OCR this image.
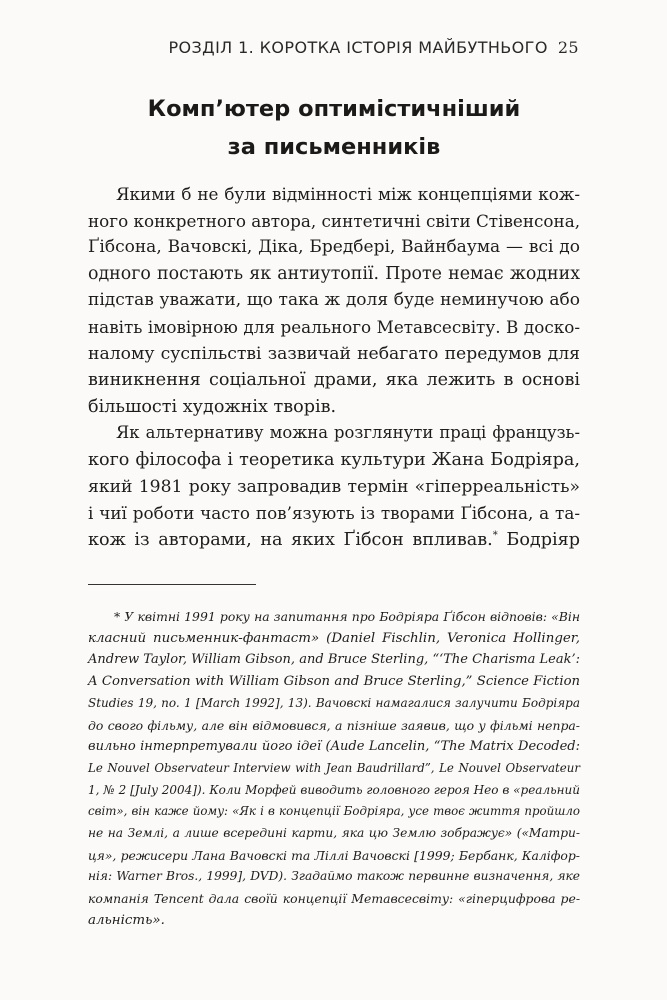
РОЗДІЛ 1. КОРОТКА ІСТОРІЯ МАЙБУТНЬОГО 25
Комп’ютер оптимістичніший
за письменників
Якими б не були відмінності між концепціями кож-
ного конкретного автора, синтетичні світи Стівенсона,
Ґібсона, Вачовскі, Діка, Бредбері, Вайнбаума — всі до
одного постають як антиутопії. Проте немає жодних
підстав уважати, що така ж доля буде неминучою або
навіть імовірною для реального Метавсесвіту. В доско-
налому суспільстві зазвичай небагато передумов для
виникнення соціальної драми, яка лежить в основі
більшості художніх творів.
Як альтернативу можна розглянути праці французь-
кого філософа і теоретика культури Жана Бодріяра,
який 1981 року запровадив термін «гіперреальність»
і чиї роботи часто пов’язують із творами Ґібсона, а та-
кож із авторами, на яких Ґібсон впливав.* Бодріяр
* У квітні 1991 року на запитання про Бодріяра Ґібсон відповів: «Він
класний письменник-фантаст» (Daniel Fischlin, Veronica Hollinger,
Andrew Taylor, William Gibson, and Bruce Sterling, “‘The Charisma Leak’:
A Conversation with William Gibson and Bruce Sterling,” Science Fiction
Studies 19, no. 1 [March 1992], 13). Вачовскі намагалися залучити Бодріяра
до свого фільму, але він відмовився, а пізніше заявив, що у фільмі непра-
вильно інтерпретували його ідеї (Aude Lancelin, “The Matrix Decoded:
Le Nouvel Observateur Interview with Jean Baudrillard”, Le Nouvel Observateur
1, № 2 [July 2004]). Коли Морфей виводить головного героя Нео в «реальний
світ», він каже йому: «Як і в концепції Бодріяра, усе твоє життя пройшло
не на Землі, а лише всередині карти, яка цю Землю зображує» («Матри-
ця», режисери Лана Вачовскі та Ліллі Вачовскі [1999; Бербанк, Каліфор-
нія: Warner Bros., 1999], DVD). Згадаймо також первинне визначення, яке
компанія Tencent дала своїй концепції Метавсесвіту: «гіперцифрова ре-
альність».
